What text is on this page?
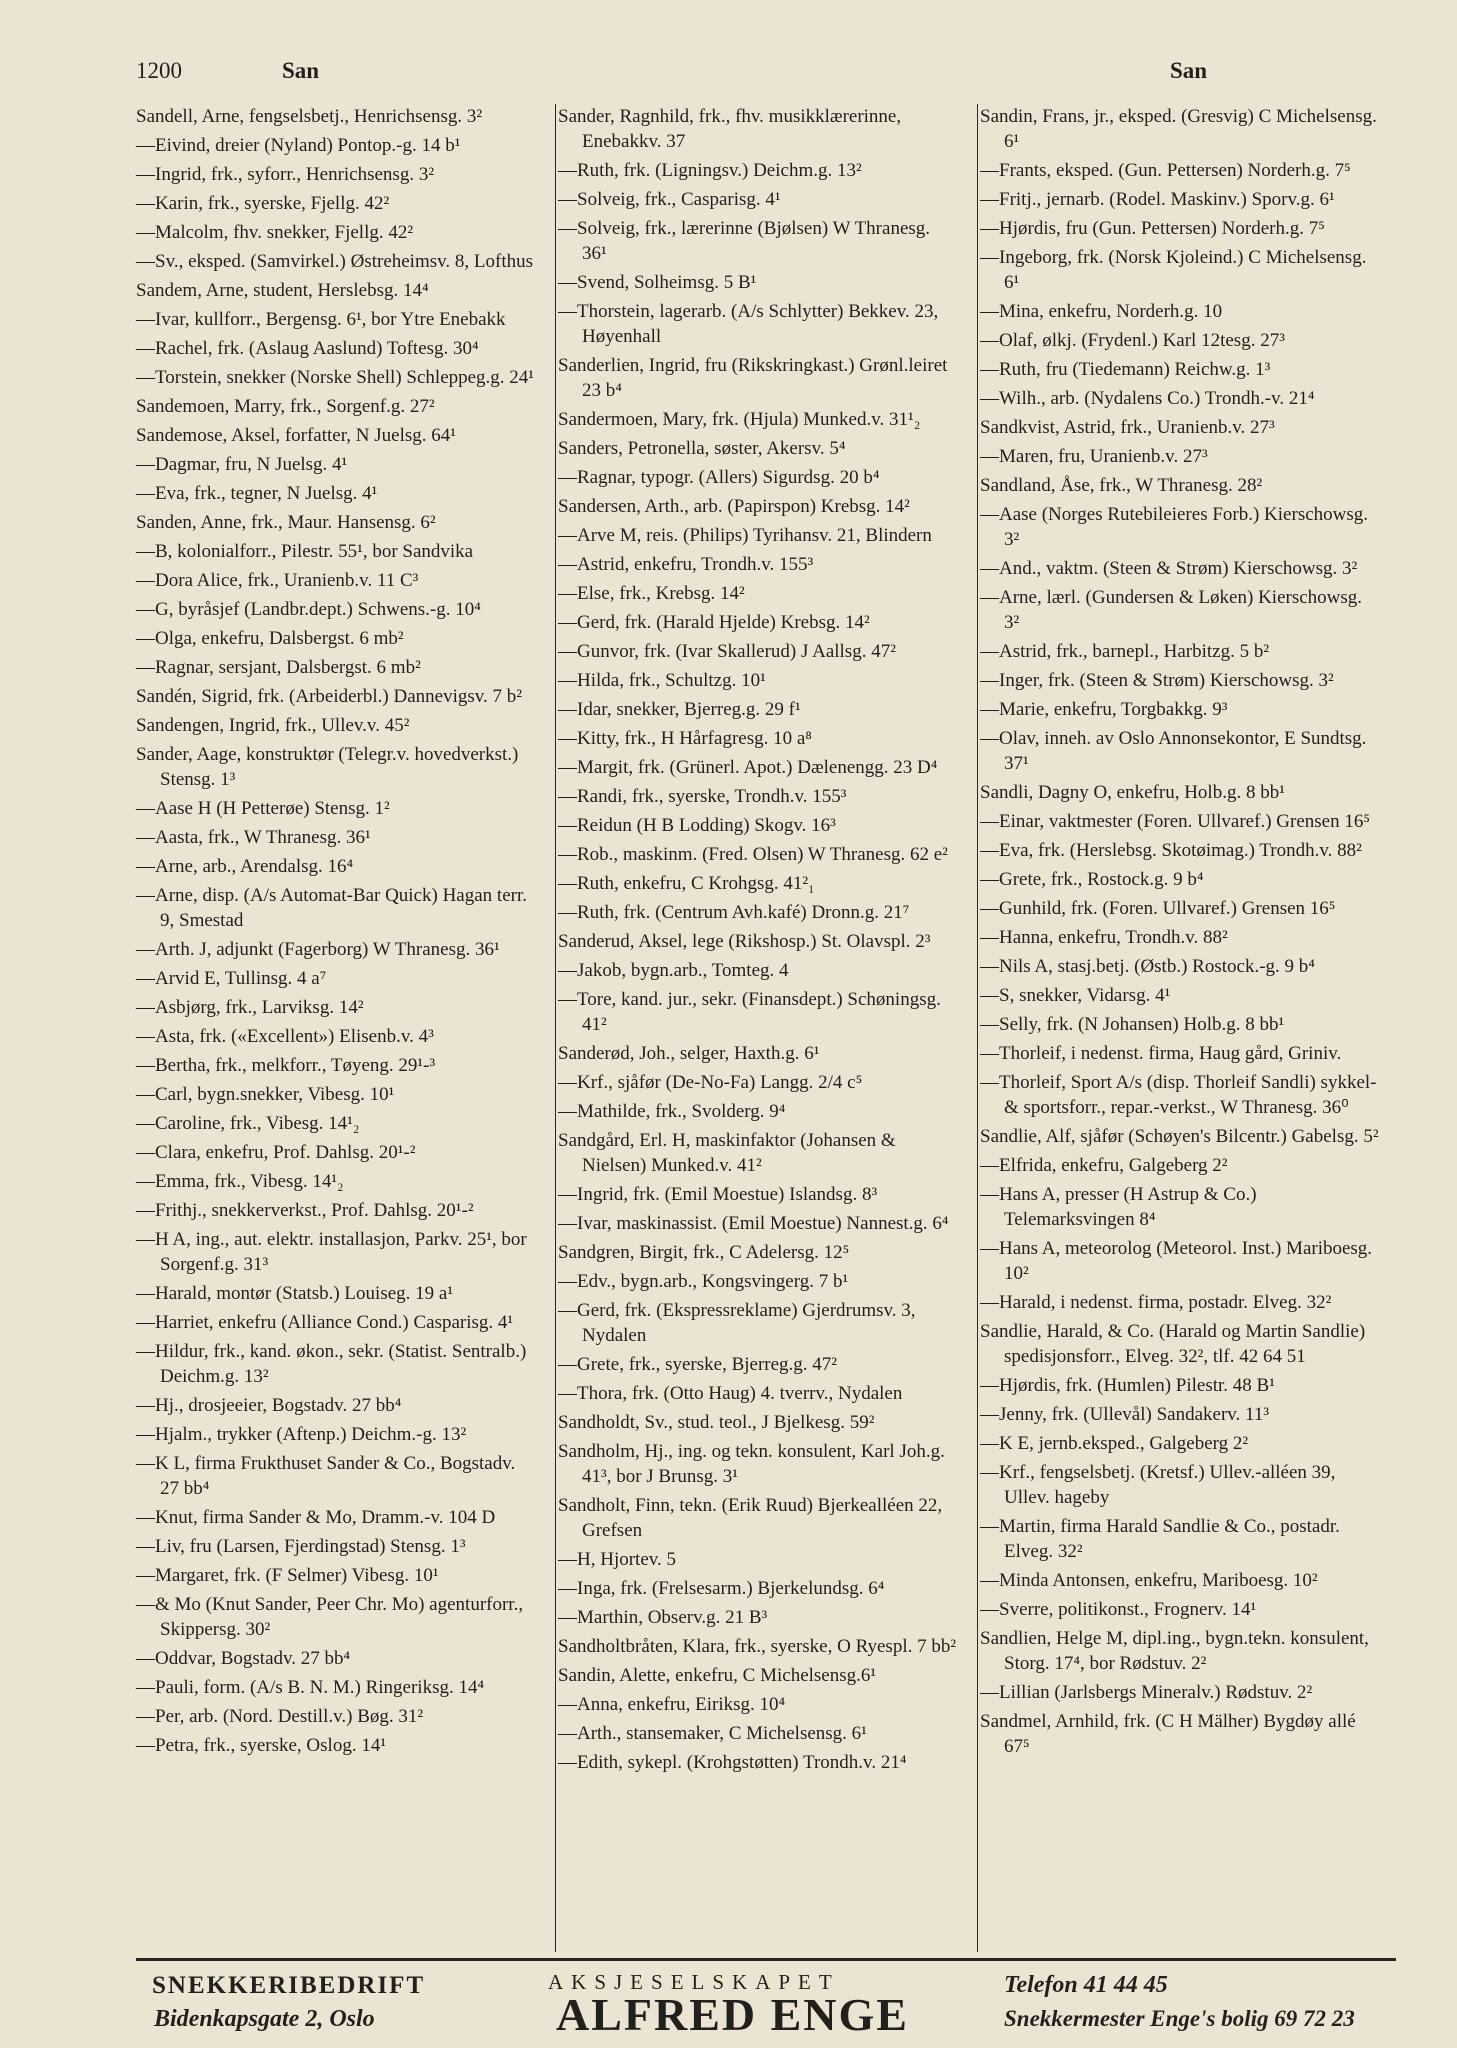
1200	San	San
Sandell, Arne, fengselsbetj., Henrichsensg. 3²
—Eivind, dreier (Nyland) Pontop.-g. 14 b¹
—Ingrid, frk., syforr., Henrichsensg. 3²
—Karin, frk., syerske, Fjellg. 42²
—Malcolm, fhv. snekker, Fjellg. 42²
—Sv., eksped. (Samvirkel.) Østreheimsv. 8, Lofthus
Sandem, Arne, student, Herslebsg. 14⁴
—Ivar, kullforr., Bergensg. 6¹, bor Ytre Enebakk
—Rachel, frk. (Aslaug Aaslund) Toftesg. 30⁴
—Torstein, snekker (Norske Shell) Schleppeg.g. 24¹
Sandemoen, Marry, frk., Sorgenf.g. 27²
Sandemose, Aksel, forfatter, N Juelsg. 64¹
—Dagmar, fru, N Juelsg. 4¹
—Eva, frk., tegner, N Juelsg. 4¹
Sanden, Anne, frk., Maur. Hansensg. 6²
—B, kolonialforr., Pilestr. 55¹, bor Sandvika
—Dora Alice, frk., Uranienb.v. 11 C³
—G, byråsjef (Landbr.dept.) Schwens.-g. 10⁴
—Olga, enkefru, Dalsbergst. 6 mb²
—Ragnar, sersjant, Dalsbergst. 6 mb²
Sandén, Sigrid, frk. (Arbeiderbl.) Dannevigsv. 7 b²
Sandengen, Ingrid, frk., Ullev.v. 45²
Sander, Aage, konstruktør (Telegr.v. hovedverkst.) Stensg. 1³
—Aase H (H Petterøe) Stensg. 1²
—Aasta, frk., W Thranesg. 36¹
—Arne, arb., Arendalsg. 16⁴
—Arne, disp. (A/s Automat-Bar Quick) Hagan terr. 9, Smestad
—Arth. J, adjunkt (Fagerborg) W Thranesg. 36¹
—Arvid E, Tullinsg. 4 a⁷
—Asbjørg, frk., Larviksg. 14²
—Asta, frk. («Excellent») Elisenb.v. 4³
—Bertha, frk., melkforr., Tøyeng. 29¹-³
—Carl, bygn.snekker, Vibesg. 10¹
—Caroline, frk., Vibesg. 14¹₂
—Clara, enkefru, Prof. Dahlsg. 20¹-²
—Emma, frk., Vibesg. 14¹₂
—Frithj., snekkerverkst., Prof. Dahlsg. 20¹-²
—H A, ing., aut. elektr. installasjon, Parkv. 25¹, bor Sorgenf.g. 31³
—Harald, montør (Statsb.) Louiseg. 19 a¹
—Harriet, enkefru (Alliance Cond.) Casparisg. 4¹
—Hildur, frk., kand. økon., sekr. (Statist. Sentralb.) Deichm.g. 13²
—Hj., drosjeeier, Bogstadv. 27 bb⁴
—Hjalm., trykker (Aftenp.) Deichm.-g. 13²
—K L, firma Frukthuset Sander & Co., Bogstadv. 27 bb⁴
—Knut, firma Sander & Mo, Dramm.-v. 104 D
—Liv, fru (Larsen, Fjerdingstad) Stensg. 1³
—Margaret, frk. (F Selmer) Vibesg. 10¹
—& Mo (Knut Sander, Peer Chr. Mo) agenturforr., Skippersg. 30²
—Oddvar, Bogstadv. 27 bb⁴
—Pauli, form. (A/s B. N. M.) Ringeriksg. 14⁴
—Per, arb. (Nord. Destill.v.) Bøg. 31²
—Petra, frk., syerske, Oslog. 14¹
Sander, Ragnhild, frk., fhv. musikklærerinne, Enebakkv. 37
—Ruth, frk. (Ligningsv.) Deichm.g. 13²
—Solveig, frk., Casparisg. 4¹
—Solveig, frk., lærerinne (Bjølsen) W Thranesg. 36¹
—Svend, Solheimsg. 5 B¹
—Thorstein, lagerarb. (A/s Schlytter) Bekkev. 23, Høyenhall
Sanderlien, Ingrid, fru (Rikskringkast.) Grønl.leiret 23 b⁴
Sandermoen, Mary, frk. (Hjula) Munked.v. 31¹₂
Sanders, Petronella, søster, Akersv. 5⁴
—Ragnar, typogr. (Allers) Sigurdsg. 20 b⁴
Sandersen, Arth., arb. (Papirspon) Krebsg. 14²
—Arve M, reis. (Philips) Tyrihansv. 21, Blindern
—Astrid, enkefru, Trondh.v. 155³
—Else, frk., Krebsg. 14²
—Gerd, frk. (Harald Hjelde) Krebsg. 14²
—Gunvor, frk. (Ivar Skallerud) J Aallsg. 47²
—Hilda, frk., Schultzg. 10¹
—Idar, snekker, Bjerreg.g. 29 f¹
—Kitty, frk., H Hårfagresg. 10 a⁸
—Margit, frk. (Grünerl. Apot.) Dælenengg. 23 D⁴
—Randi, frk., syerske, Trondh.v. 155³
—Reidun (H B Lodding) Skogv. 16³
—Rob., maskinm. (Fred. Olsen) W Thranesg. 62 e²
—Ruth, enkefru, C Krohgsg. 41²₁
—Ruth, frk. (Centrum Avh.kafé) Dronn.g. 21⁷
Sanderud, Aksel, lege (Rikshosp.) St. Olavspl. 2³
—Jakob, bygn.arb., Tomteg. 4
—Tore, kand. jur., sekr. (Finansdept.) Schøningsg. 41²
Sanderød, Joh., selger, Haxth.g. 6¹
—Krf., sjåfør (De-No-Fa) Langg. 2/4 c⁵
—Mathilde, frk., Svolderg. 9⁴
Sandgård, Erl. H, maskinfaktor (Johansen & Nielsen) Munked.v. 41²
—Ingrid, frk. (Emil Moestue) Islandsg. 8³
—Ivar, maskinassist. (Emil Moestue) Nannest.g. 6⁴
Sandgren, Birgit, frk., C Adelersg. 12⁵
—Edv., bygn.arb., Kongsvingerg. 7 b¹
—Gerd, frk. (Ekspressreklame) Gjerdrumsv. 3, Nydalen
—Grete, frk., syerske, Bjerreg.g. 47²
—Thora, frk. (Otto Haug) 4. tverrv., Nydalen
Sandholdt, Sv., stud. teol., J Bjelkesg. 59²
Sandholm, Hj., ing. og tekn. konsulent, Karl Joh.g. 41³, bor J Brunsg. 3¹
Sandholt, Finn, tekn. (Erik Ruud) Bjerkealléen 22, Grefsen
—H, Hjortev. 5
—Inga, frk. (Frelsesarm.) Bjerkelundsg. 6⁴
—Marthin, Observ.g. 21 B³
Sandholtbråten, Klara, frk., syerske, O Ryespl. 7 bb²
Sandin, Alette, enkefru, C Michelsensg.6¹
—Anna, enkefru, Eiriksg. 10⁴
—Arth., stansemaker, C Michelsensg. 6¹
—Edith, sykepl. (Krohgstøtten) Trondh.v. 21⁴
Sandin, Frans, jr., eksped. (Gresvig) C Michelsensg. 6¹
—Frants, eksped. (Gun. Pettersen) Norderh.g. 7⁵
—Fritj., jernarb. (Rodel. Maskinv.) Sporv.g. 6¹
—Hjørdis, fru (Gun. Pettersen) Norderh.g. 7⁵
—Ingeborg, frk. (Norsk Kjoleind.) C Michelsensg. 6¹
—Mina, enkefru, Norderh.g. 10
—Olaf, ølkj. (Frydenl.) Karl 12tesg. 27³
—Ruth, fru (Tiedemann) Reichw.g. 1³
—Wilh., arb. (Nydalens Co.) Trondh.-v. 21⁴
Sandkvist, Astrid, frk., Uranienb.v. 27³
—Maren, fru, Uranienb.v. 27³
Sandland, Åse, frk., W Thranesg. 28²
—Aase (Norges Rutebileieres Forb.) Kierschowsg. 3²
—And., vaktm. (Steen & Strøm) Kierschowsg. 3²
—Arne, lærl. (Gundersen & Løken) Kierschowsg. 3²
—Astrid, frk., barnepl., Harbitzg. 5 b²
—Inger, frk. (Steen & Strøm) Kierschowsg. 3²
—Marie, enkefru, Torgbakkg. 9³
—Olav, inneh. av Oslo Annonsekontor, E Sundtsg. 37¹
Sandli, Dagny O, enkefru, Holb.g. 8 bb¹
—Einar, vaktmester (Foren. Ullvaref.) Grensen 16⁵
—Eva, frk. (Herslebsg. Skotøimag.) Trondh.v. 88²
—Grete, frk., Rostock.g. 9 b⁴
—Gunhild, frk. (Foren. Ullvaref.) Grensen 16⁵
—Hanna, enkefru, Trondh.v. 88²
—Nils A, stasj.betj. (Østb.) Rostock.-g. 9 b⁴
—S, snekker, Vidarsg. 4¹
—Selly, frk. (N Johansen) Holb.g. 8 bb¹
—Thorleif, i nedenst. firma, Haug gård, Griniv.
—Thorleif, Sport A/s (disp. Thorleif Sandli) sykkel- & sportsforr., repar.-verkst., W Thranesg. 36⁰
Sandlie, Alf, sjåfør (Schøyen's Bilcentr.) Gabelsg. 5²
—Elfrida, enkefru, Galgeberg 2²
—Hans A, presser (H Astrup & Co.) Telemarksvingen 8⁴
—Hans A, meteorolog (Meteorol. Inst.) Mariboesg. 10²
—Harald, i nedenst. firma, postadr. Elveg. 32²
Sandlie, Harald, & Co. (Harald og Martin Sandlie) spedisjonsforr., Elveg. 32², tlf. 42 64 51
—Hjørdis, frk. (Humlen) Pilestr. 48 B¹
—Jenny, frk. (Ullevål) Sandakerv. 11³
—K E, jernb.eksped., Galgeberg 2²
—Krf., fengselsbetj. (Kretsf.) Ullev.-alléen 39, Ullev. hageby
—Martin, firma Harald Sandlie & Co., postadr. Elveg. 32²
—Minda Antonsen, enkefru, Mariboesg. 10²
—Sverre, politikonst., Frognerv. 14¹
Sandlien, Helge M, dipl.ing., bygn.tekn. konsulent, Storg. 17⁴, bor Rødstuv. 2²
—Lillian (Jarlsbergs Mineralv.) Rødstuv. 2²
Sandmel, Arnhild, frk. (C H Mälher) Bygdøy allé 67⁵
SNEKKERIBEDRIFT
Bidenkapsgate 2, Oslo
AKSJESELSKAPET
ALFRED ENGE
Telefon 41 44 45
Snekkermester Enge's bolig 69 72 23
